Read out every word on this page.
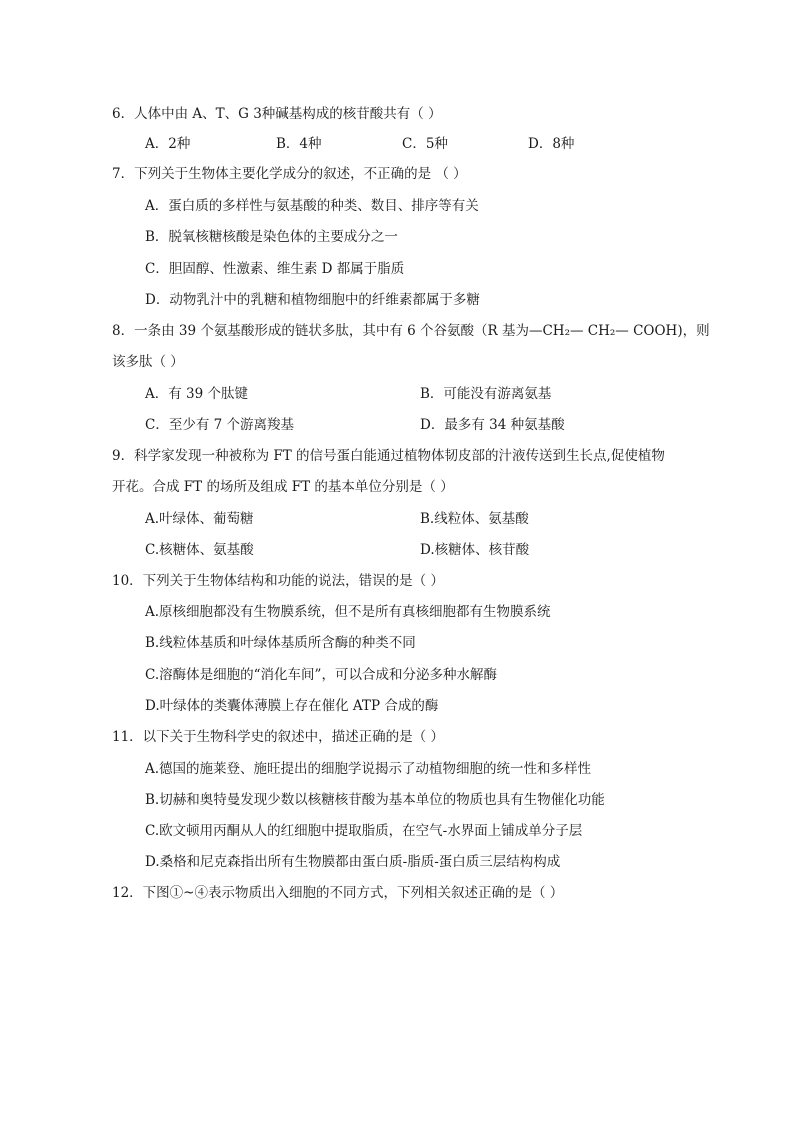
6．人体中由 A、T、G 3种碱基构成的核苷酸共有（ ）
A．2种	B．4种	C．5种	D．8种
7．下列关于生物体主要化学成分的叙述，不正确的是 （ ）
A．蛋白质的多样性与氨基酸的种类、数目、排序等有关
B．脱氧核糖核酸是染色体的主要成分之一
C．胆固醇、性激素、维生素 D 都属于脂质
D．动物乳汁中的乳糖和植物细胞中的纤维素都属于多糖
8．一条由 39 个氨基酸形成的链状多肽，其中有 6 个谷氨酸（R 基为—CH₂— CH₂— COOH)，则
该多肽（ ）
A．有 39 个肽键	B．可能没有游离氨基
C．至少有 7 个游离羧基	D．最多有 34 种氨基酸
9．科学家发现一种被称为 FT 的信号蛋白能通过植物体韧皮部的汁液传送到生长点,促使植物
开花。合成 FT 的场所及组成 FT 的基本单位分别是（ ）
A.叶绿体、葡萄糖	B.线粒体、氨基酸
C.核糖体、氨基酸	D.核糖体、核苷酸
10．下列关于生物体结构和功能的说法，错误的是（ ）
A.原核细胞都没有生物膜系统，但不是所有真核细胞都有生物膜系统
B.线粒体基质和叶绿体基质所含酶的种类不同
C.溶酶体是细胞的“消化车间”，可以合成和分泌多种水解酶
D.叶绿体的类囊体薄膜上存在催化 ATP 合成的酶
11．以下关于生物科学史的叙述中，描述正确的是（ ）
A.德国的施莱登、施旺提出的细胞学说揭示了动植物细胞的统一性和多样性
B.切赫和奥特曼发现少数以核糖核苷酸为基本单位的物质也具有生物催化功能
C.欧文顿用丙酮从人的红细胞中提取脂质，在空气-水界面上铺成单分子层
D.桑格和尼克森指出所有生物膜都由蛋白质-脂质-蛋白质三层结构构成
12．下图①~④表示物质出入细胞的不同方式，下列相关叙述正确的是（ ）
